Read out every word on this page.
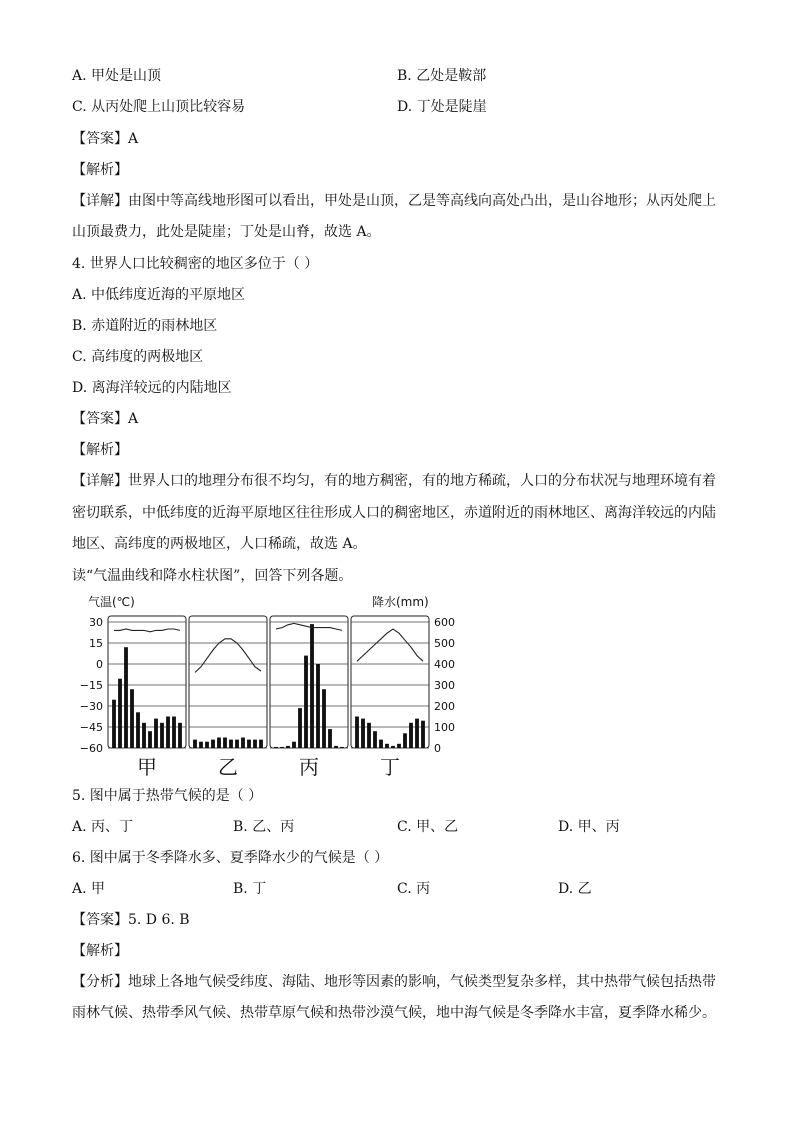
A. 甲处是山顶	B. 乙处是鞍部
C. 从丙处爬上山顶比较容易	D. 丁处是陡崖
【答案】A
【解析】
【详解】由图中等高线地形图可以看出，甲处是山顶，乙是等高线向高处凸出，是山谷地形；从丙处爬上
山顶最费力，此处是陡崖；丁处是山脊，故选 A。
4. 世界人口比较稠密的地区多位于（ ）
A. 中低纬度近海的平原地区
B. 赤道附近的雨林地区
C. 高纬度的两极地区
D. 离海洋较远的内陆地区
【答案】A
【解析】
【详解】世界人口的地理分布很不均匀，有的地方稠密，有的地方稀疏，人口的分布状况与地理环境有着
密切联系，中低纬度的近海平原地区往往形成人口的稠密地区，赤道附近的雨林地区、离海洋较远的内陆
地区、高纬度的两极地区，人口稀疏，故选 A。
读“气温曲线和降水柱状图”，回答下列各题。
气温(℃)	降水(mm)
甲	乙	丙	丁
30
15
0
−15
−30
−45
−60
600
500
400
300
200
100
0
5. 图中属于热带气候的是（ ）
A. 丙、丁	B. 乙、丙	C. 甲、乙	D. 甲、丙
6. 图中属于冬季降水多、夏季降水少的气候是（ ）
A. 甲	B. 丁	C. 丙	D. 乙
【答案】5. D 6. B
【解析】
【分析】地球上各地气候受纬度、海陆、地形等因素的影响，气候类型复杂多样，其中热带气候包括热带
雨林气候、热带季风气候、热带草原气候和热带沙漠气候，地中海气候是冬季降水丰富，夏季降水稀少。
